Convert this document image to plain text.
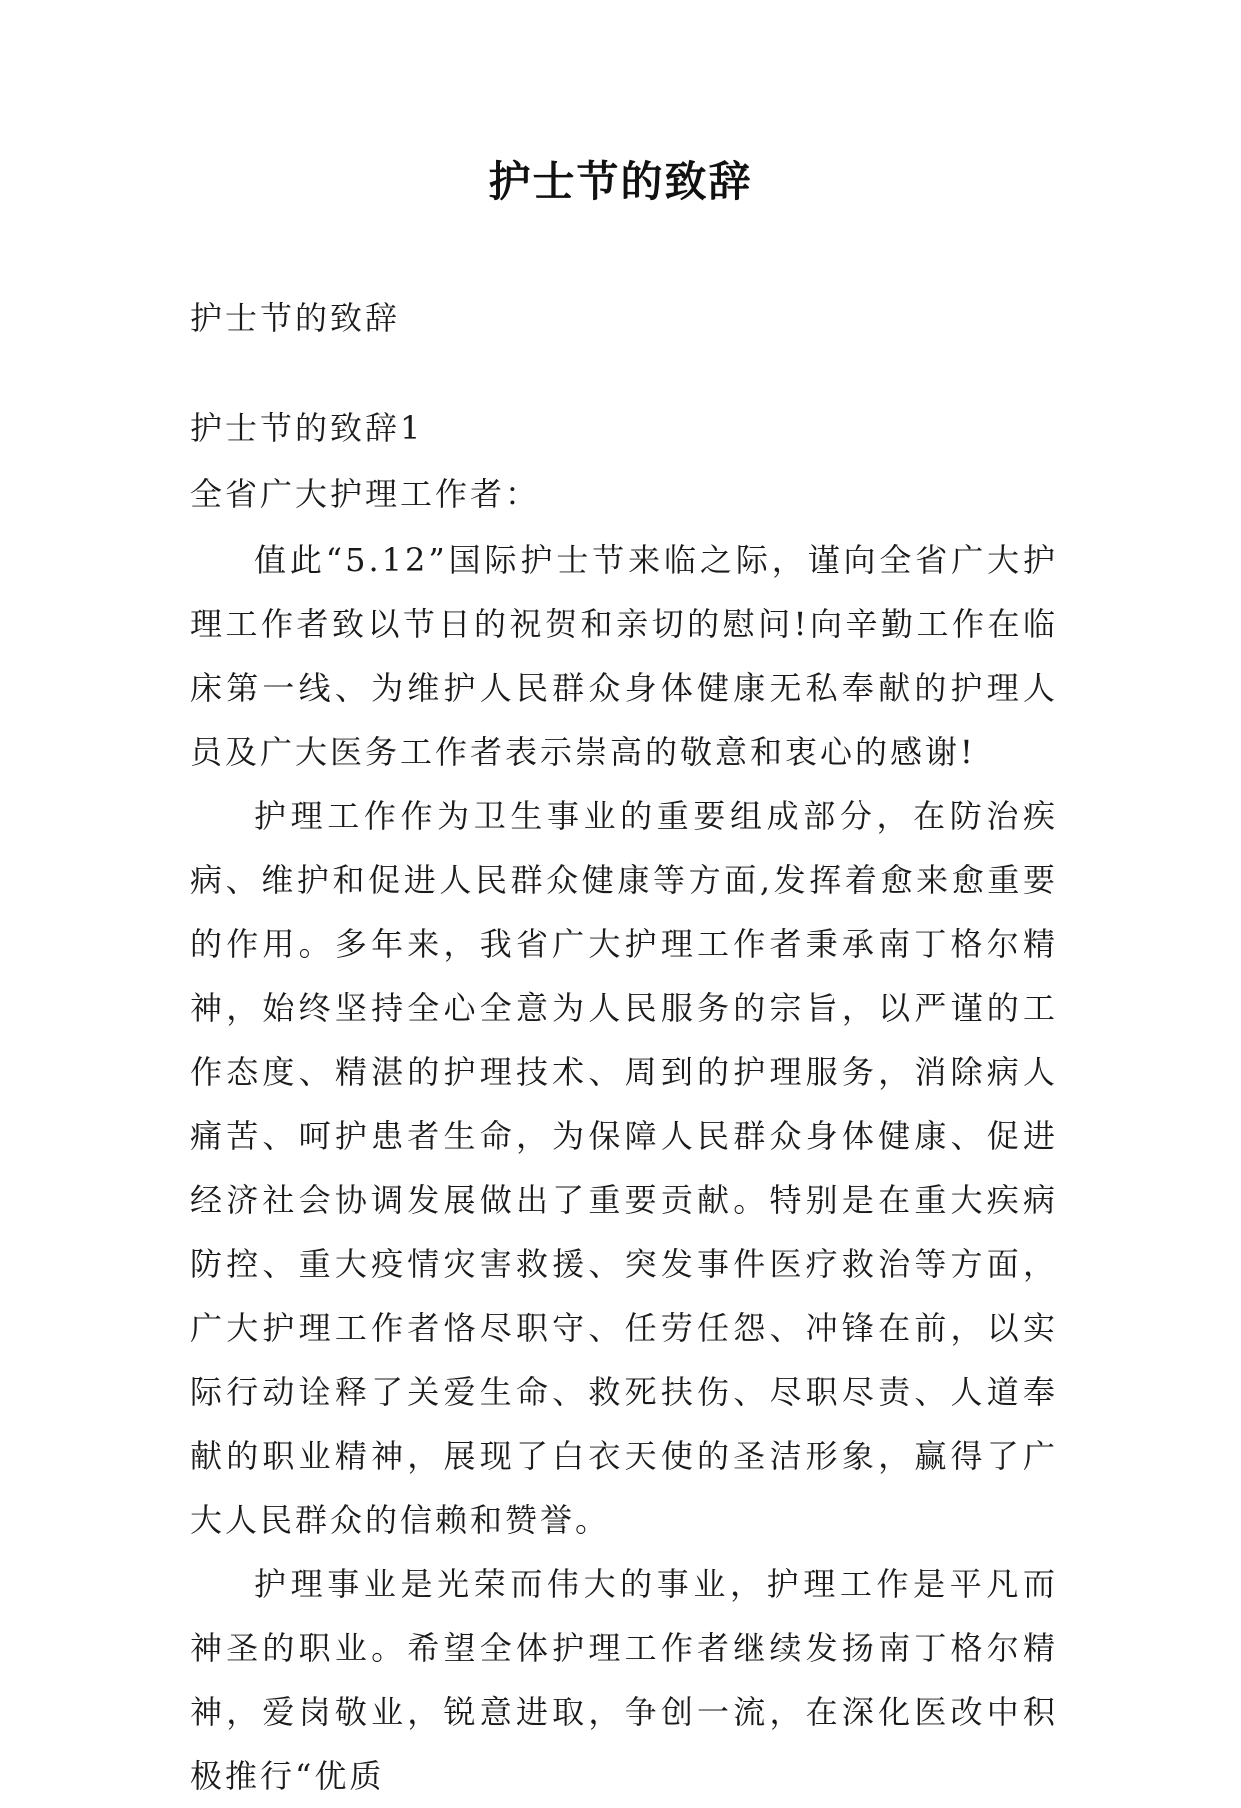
护士节的致辞
护士节的致辞
护士节的致辞1
全省广大护理工作者：

值此“5.12”国际护士节来临之际，谨向全省广大护理工作者致以节日的祝贺和亲切的慰问!向辛勤工作在临床第一线、为维护人民群众身体健康无私奉献的护理人员及广大医务工作者表示崇高的敬意和衷心的感谢!

护理工作作为卫生事业的重要组成部分，在防治疾病、维护和促进人民群众健康等方面,发挥着愈来愈重要的作用。多年来，我省广大护理工作者秉承南丁格尔精神，始终坚持全心全意为人民服务的宗旨，以严谨的工作态度、精湛的护理技术、周到的护理服务，消除病人痛苦、呵护患者生命，为保障人民群众身体健康、促进经济社会协调发展做出了重要贡献。特别是在重大疾病防控、重大疫情灾害救援、突发事件医疗救治等方面，广大护理工作者恪尽职守、任劳任怨、冲锋在前，以实际行动诠释了关爱生命、救死扶伤、尽职尽责、人道奉献的职业精神，展现了白衣天使的圣洁形象，赢得了广大人民群众的信赖和赞誉。

护理事业是光荣而伟大的事业，护理工作是平凡而神圣的职业。希望全体护理工作者继续发扬南丁格尔精神，爱岗敬业，锐意进取，争创一流，在深化医改中积极推行“优质
